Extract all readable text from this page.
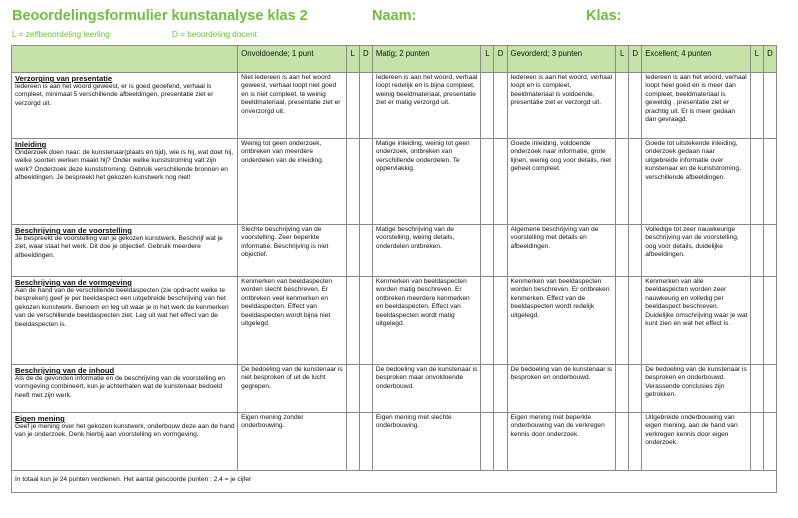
Beoordelingsformulier kunstanalyse klas 2	Naam:	Klas:
L = zelfbeoordeling leerling	D = beoordeling docent
	Onvoldoende; 1 punt	L	D	Matig; 2 punten	L	D	Gevorderd; 3 punten	L	D	Excellent; 4 punten	L	D

Verzorging van presentatie
Iedereen is aan het woord geweest, er is goed geoefend, verhaal is compleet, minimaal 5 verschillende afbeeldingen, presentatie ziet er verzorgd uit.	Niet iedereen is aan het woord geweest, verhaal loopt niet goed en is niet compleet, te weinig beeldmateriaal, presentatie ziet er onverzorgd uit.			Iedereen is aan het woord, verhaal loopt redelijk en is bijna compleet, weinig beeldmateriaal, presentatie ziet er matig verzorgd uit.			Iedereen is aan het woord, verhaal loopt en is compleet, beeldmateriaal is voldoende, presentatie ziet er verzorgd uit.			Iedereen is aan het woord, verhaal loopt heel goed en is meer dan compleet, beeldmateriaal is geweldig , presentatie ziet er prachtig uit. Er is meer gedaan dan gevraagd.		

Inleiding
Onderzoek doen naar: de kunstenaar(plaats en tijd), wie is hij, wat doet hij, welke soorten werken maakt hij? Onder welke kunststroming valt zijn werk? Onderzoek deze kunststroming. Gebruik verschillende bronnen en afbeeldingen. Je bespreekt het gekozen kunstwerk nog niet!	Weinig tot geen onderzoek, ontbreken van meerdere onderdelen van de inleiding.			Matige inleiding, weinig tot geen onderzoek, ontbreken van verschillende onderdelen. Te oppervlakkig.			Goede inleiding, voldoende onderzoek naar informatie, grote lijnen, weinig oog voor details, niet geheel compleet.			Goede tot uitstekende inleiding, onderzoek gedaan naar uitgebreide informatie over kunstenaar en de kunststroming, verschillende afbeeldingen.		

Beschrijving van de voorstelling
Je bespreekt de voorstelling van je gekozen kunstwerk. Beschrijf wat je ziet, waar staat het werk. Dit doe je objectief. Gebruik meerdere afbeeldingen.	Slechte beschrijving van de voorstelling. Zeer beperkte informatie. Beschrijving is niet objectief.			Matige beschrijving van de voorstelling, weinig details, onderdelen ontbreken.			Algemene beschrijving van de voorstelling met details en afbeeldingen.			Volledige tot zeer nauwkeurige beschrijving van de voorstelling, oog voor details, duidelijke afbeeldingen.		

Beschrijving van de vormgeving
Aan de hand van de verschillende beeldaspecten (zie opdracht welke te bespreken) geef je per beeldaspect een uitgebreide beschrijving van het gekozen kunstwerk. Benoem en leg uit waar je in het werk de kenmerken van de verschillende beeldaspecten ziet. Leg uit wat het effect van de beeldaspecten is.	Kenmerken van beeldaspecten worden slecht beschreven. Er ontbreken veel kenmerken en beeldaspecten. Effect van beeldaspecten wordt bijna niet uitgelegd.			Kenmerken van beeldaspecten worden matig beschreven. Er ontbreken meerdere kenmerken en beeldaspecten. Effect van beeldaspecten wordt matig uitgelegd.			Kenmerken van beeldaspecten worden beschreven. Er ontbreken kenmerken. Effect van de beeldaspecten wordt redelijk uitgelegd.			Kenmerken van alle beeldaspecten worden zeer nauwkeurig en volledig per beeldaspect beschreven. Duidelijke omschrijving waar je wat kunt zien en wat het effect is.		

Beschrijving van de inhoud
Als de de gevonden informatie en de beschrijving van de voorstelling en vormgeving combineert, kun je achterhalen wat de kunstenaar bedoeld heeft met zijn werk.	De bedoeling van de kunstenaar is niet besproken of uit de lucht gegrepen.			De bedoeling van de kunstenaar is besproken maar onvoldoende onderbouwd.			De bedoeling van de kunstenaar is besproken en onderbouwd.			De bedoeling van de kunstenaar is besproken en onderbouwd. Verassende conclusies zijn getrokken.		

Eigen mening
Geef je mening over het gekozen kunstwerk, onderbouw deze aan de hand van je onderzoek. Denk hierbij aan voorstelling en vormgeving.	Eigen mening zonder onderbouwing.			Eigen mening met slechte onderbouwing.			Eigen mening met beperkte onderbouwing van de verkregen kennis door onderzoek.			Uitgebreide onderbouwing van eigen mening, aan de hand van verkregen kennis door eigen onderzoek.		
In totaal kun je 24 punten verdienen. Het aantal gescoorde punten : 2,4 = je cijfer												
